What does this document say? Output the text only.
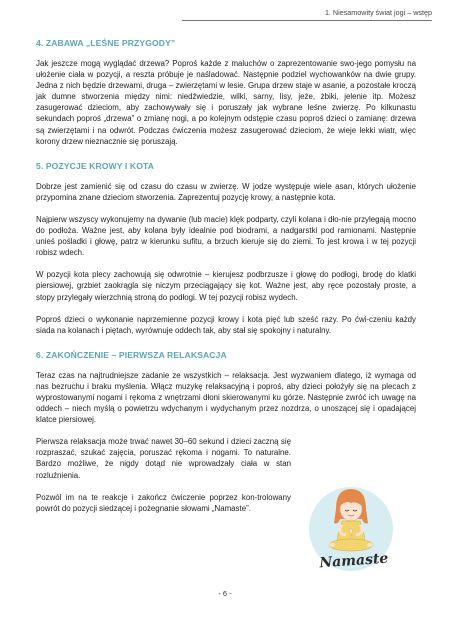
1. Niesamowity świat jogi – wstęp
4. ZABAWA „LEŚNE PRZYGODY”

Jak jeszcze mogą wyglądać drzewa? Poproś każde z maluchów o zaprezentowanie swo-jego pomysłu na ułożenie ciała w pozycji, a reszta próbuje je naśladować. Następnie podziel wychowanków na dwie grupy. Jedna z nich będzie drzewami, druga – zwierzętami w lesie. Grupa drzew staje w asanie, a pozostałe kroczą jak dumne stworzenia między nimi: niedźwiedzie, wilki, sarny, lisy, jeże, żbiki, jelenie itp. Możesz zasugerować dzieciom, aby zachowywały się i poruszały jak wybrane leśne zwierzę. Po kilkunastu sekundach poproś „drzewa” o zmianę nogi, a po kolejnym odstępie czasu poproś dzieci o zamianę: drzewa są zwierzętami i na odwrót. Podczas ćwiczenia możesz zasugerować dzieciom, że wieje lekki wiatr, więc korony drzew nieznacznie się poruszają.

5. POZYCJE KROWY I KOTA

Dobrze jest zamienić się od czasu do czasu w zwierzę. W jodze występuje wiele asan, których ułożenie przypomina znane dzieciom stworzenia. Zaprezentuj pozycję krowy, a następnie kota.

Najpierw wszyscy wykonujemy na dywanie (lub macie) klęk podparty, czyli kolana i dło-nie przylegają mocno do podłoża. Ważne jest, aby kolana były idealnie pod biodrami, a nadgarstki pod ramionami. Następnie unieś pośladki i głowę, patrz w kierunku sufitu, a brzuch kieruje się do ziemi. To jest krowa i w tej pozycji robisz wdech.

W pozycji kota plecy zachowują się odwrotnie – kierujesz podbrzusze i głowę do podłogi, brodę do klatki piersiowej, grzbiet zaokrągla się niczym przeciągający się kot. Ważne jest, aby ręce pozostały proste, a stopy przylegały wierzchnią stroną do podłogi. W tej pozycji robisz wydech.

Poproś dzieci o wykonanie naprzemienne pozycji krowy i kota pięć lub sześć razy. Po ćwi-czeniu każdy siada na kolanach i piętach, wyrównuje oddech tak, aby stał się spokojny i naturalny.

6. ZAKOŃCZENIE – PIERWSZA RELAKSACJA

Teraz czas na najtrudniejsze zadanie ze wszystkich – relaksacja. Jest wyzwaniem dlatego, iż wymaga od nas bezruchu i braku myślenia. Włącz muzykę relaksacyjną i poproś, aby dzieci położyły się na plecach z wyprostowanymi nogami i rękoma z wnętrzami dłoni skierowanymi ku górze. Następnie zwróć ich uwagę na oddech – niech myślą o powietrzu wdychanym i wydychanym przez nozdrza, o unoszącej się i opadającej klatce piersiowej.

Pierwsza relaksacja może trwać nawet 30–60 sekund i dzieci zaczną się rozpraszać, szukać zajęcia, poruszać rękoma i nogami. To naturalne. Bardzo możliwe, że nigdy dotąd nie wprowadzały ciała w stan rozluźnienia.

Pozwól im na te reakcje i zakończ ćwiczenie poprzez kon-trolowany powrót do pozycji siedzącej i pożegnanie słowami „Namaste”.

Namaste
- 6 -
